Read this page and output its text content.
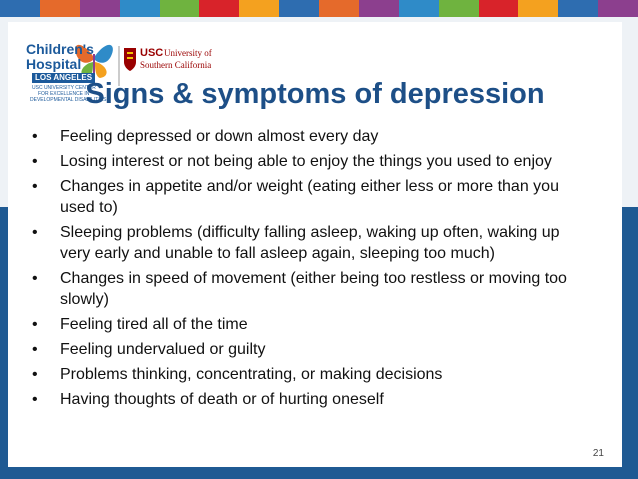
Children's
Hospital
LOS ANGELES
USC UNIVERSITY CENTER
FOR EXCELLENCE IN
DEVELOPMENTAL DISABILITIES
USC University of
Southern California
Signs & symptoms of depression
• Feeling depressed or down almost every day
• Losing interest or not being able to enjoy the things you used to enjoy
• Changes in appetite and/or weight (eating either less or more than you used to)
• Sleeping problems (difficulty falling asleep, waking up often, waking up very early and unable to fall asleep again, sleeping too much)
• Changes in speed of movement (either being too restless or moving too slowly)
• Feeling tired all of the time
• Feeling undervalued or guilty
• Problems thinking, concentrating, or making decisions
• Having thoughts of death or of hurting oneself
21
